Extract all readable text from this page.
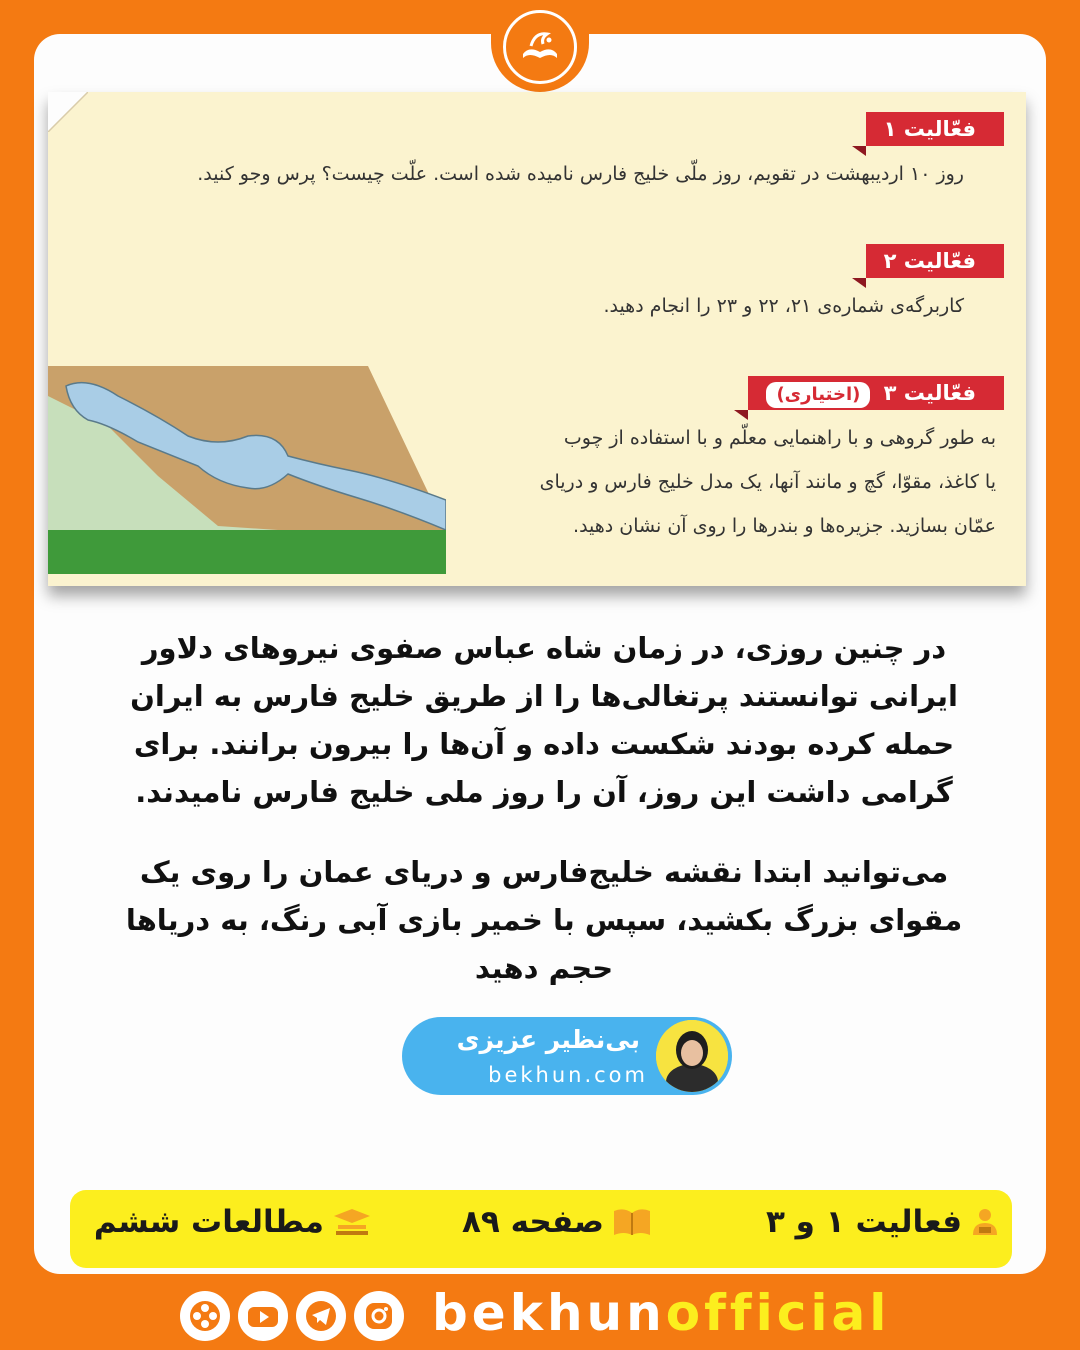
فعّالیت ۱
روز ۱۰ اردیبهشت در تقویم، روز ملّی خلیج فارس نامیده شده است. علّت چیست؟ پرس وجو کنید.
فعّالیت ۲
کاربرگه‌ی شماره‌ی ۲۱، ۲۲ و ۲۳ را انجام دهید.
فعّالیت ۳ (اختیاری)
به طور گروهی و با راهنمایی معلّم و با استفاده از چوب
یا کاغذ، مقوّا، گچ و مانند آنها، یک مدل خلیج فارس و دریای
عمّان بسازید. جزیره‌ها و بندرها را روی آن نشان دهید.
در چنین روزی، در زمان شاه عباس صفوی نیروهای دلاور
ایرانی توانستند پرتغالی‌ها را از طریق خلیج فارس به ایران
حمله کرده بودند شکست داده و آن‌ها را بیرون برانند. برای
گرامی داشت این روز، آن را روز ملی خلیج فارس نامیدند.
می‌توانید ابتدا نقشه خلیج‌فارس و دریای عمان را روی یک
مقوای بزرگ بکشید، سپس با خمیر بازی آبی رنگ، به دریاها
حجم دهید
بی‌نظیر عزیزی
bekhun.com
فعالیت ۱ و ۳
صفحه ۸۹
مطالعات ششم
bekhunofficial
